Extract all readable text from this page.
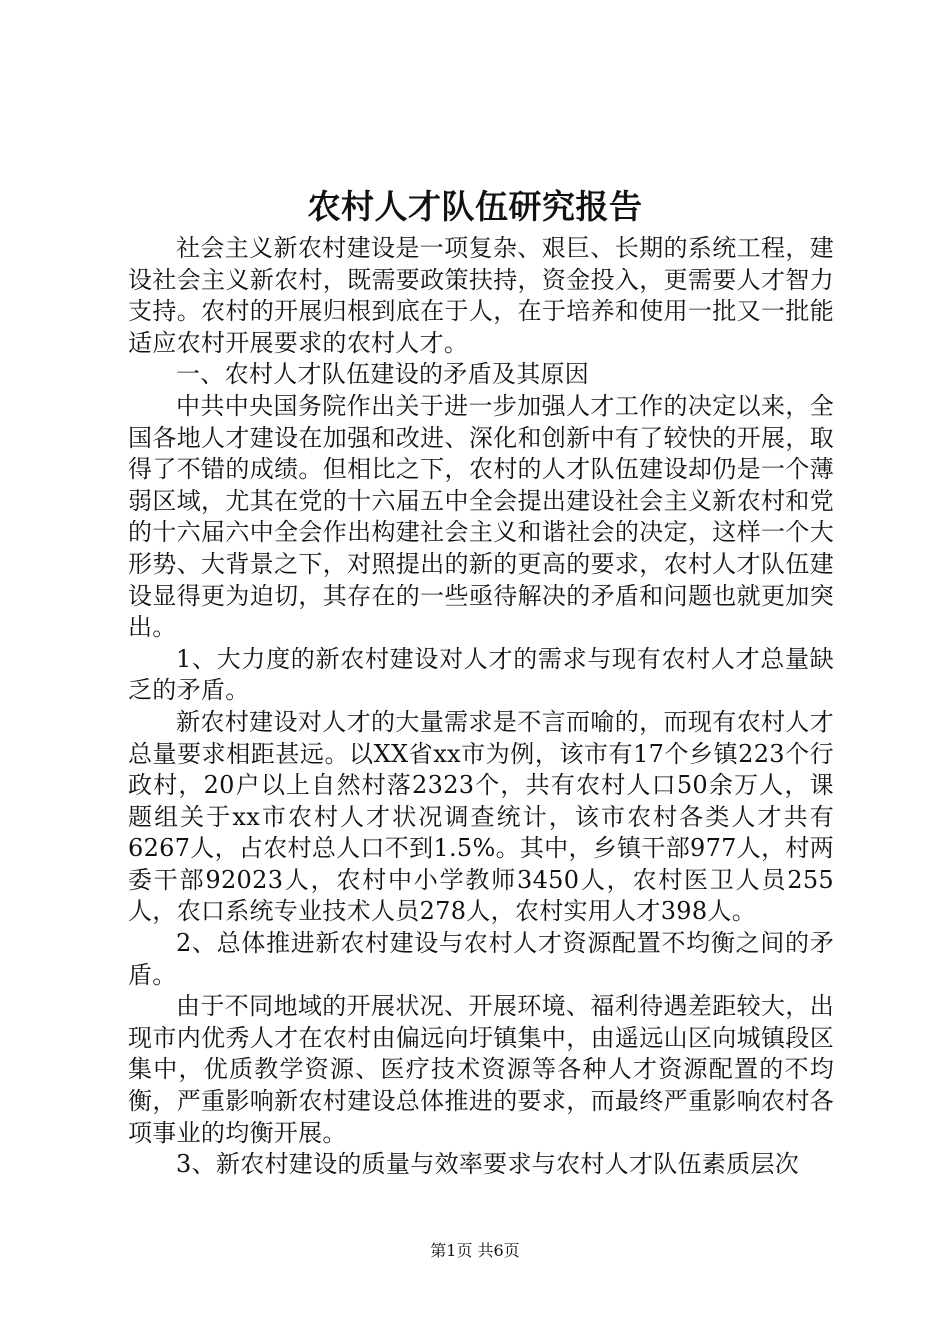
农村人才队伍研究报告

社会主义新农村建设是一项复杂、艰巨、长期的系统工程，建设社会主义新农村，既需要政策扶持，资金投入，更需要人才智力支持。农村的开展归根到底在于人，在于培养和使用一批又一批能适应农村开展要求的农村人才。

一、农村人才队伍建设的矛盾及其原因

中共中央国务院作出关于进一步加强人才工作的决定以来，全国各地人才建设在加强和改进、深化和创新中有了较快的开展，取得了不错的成绩。但相比之下，农村的人才队伍建设却仍是一个薄弱区域，尤其在党的十六届五中全会提出建设社会主义新农村和党的十六届六中全会作出构建社会主义和谐社会的决定，这样一个大形势、大背景之下，对照提出的新的更高的要求，农村人才队伍建设显得更为迫切，其存在的一些亟待解决的矛盾和问题也就更加突出。

1、大力度的新农村建设对人才的需求与现有农村人才总量缺乏的矛盾。

新农村建设对人才的大量需求是不言而喻的，而现有农村人才总量要求相距甚远。以XX省xx市为例，该市有17个乡镇223个行政村，20户以上自然村落2323个，共有农村人口50余万人，课题组关于xx市农村人才状况调查统计，该市农村各类人才共有6267人，占农村总人口不到1.5%。其中，乡镇干部977人，村两委干部92023人，农村中小学教师3450人，农村医卫人员255人，农口系统专业技术人员278人，农村实用人才398人。

2、总体推进新农村建设与农村人才资源配置不均衡之间的矛盾。

由于不同地域的开展状况、开展环境、福利待遇差距较大，出现市内优秀人才在农村由偏远向圩镇集中，由遥远山区向城镇段区集中，优质教学资源、医疗技术资源等各种人才资源配置的不均衡，严重影响新农村建设总体推进的要求，而最终严重影响农村各项事业的均衡开展。

3、新农村建设的质量与效率要求与农村人才队伍素质层次

第1页 共6页
